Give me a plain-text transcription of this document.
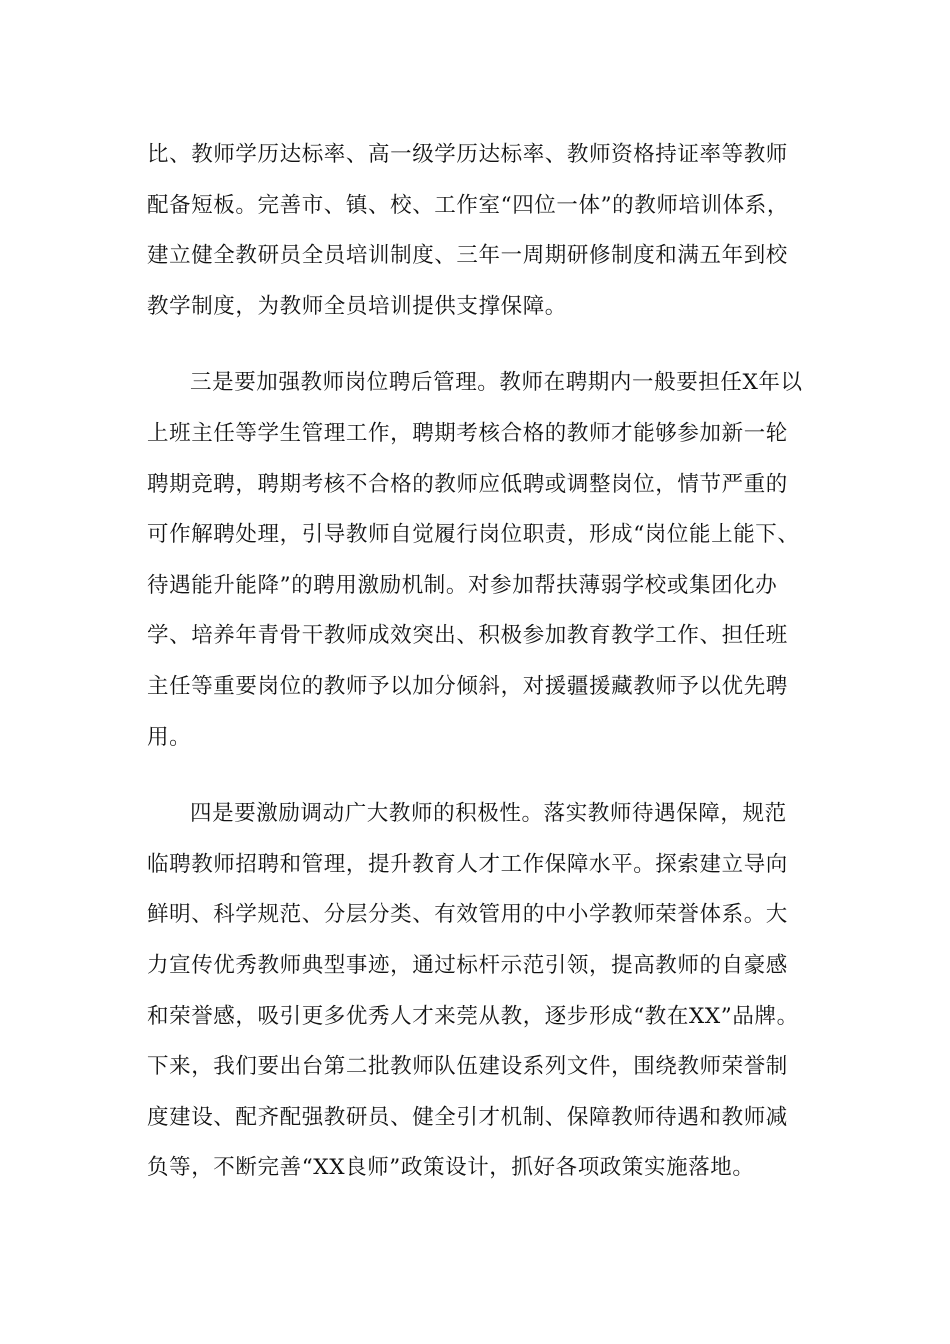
比、教师学历达标率、高一级学历达标率、教师资格持证率等教师
配备短板。完善市、镇、校、工作室“四位一体”的教师培训体系，
建立健全教研员全员培训制度、三年一周期研修制度和满五年到校
教学制度，为教师全员培训提供支撑保障。

三是要加强教师岗位聘后管理。教师在聘期内一般要担任X年以
上班主任等学生管理工作，聘期考核合格的教师才能够参加新一轮
聘期竞聘，聘期考核不合格的教师应低聘或调整岗位，情节严重的
可作解聘处理，引导教师自觉履行岗位职责，形成“岗位能上能下、
待遇能升能降”的聘用激励机制。对参加帮扶薄弱学校或集团化办
学、培养年青骨干教师成效突出、积极参加教育教学工作、担任班
主任等重要岗位的教师予以加分倾斜，对援疆援藏教师予以优先聘
用。

四是要激励调动广大教师的积极性。落实教师待遇保障，规范
临聘教师招聘和管理，提升教育人才工作保障水平。探索建立导向
鲜明、科学规范、分层分类、有效管用的中小学教师荣誉体系。大
力宣传优秀教师典型事迹，通过标杆示范引领，提高教师的自豪感
和荣誉感，吸引更多优秀人才来莞从教，逐步形成“教在XX”品牌。
下来，我们要出台第二批教师队伍建设系列文件，围绕教师荣誉制
度建设、配齐配强教研员、健全引才机制、保障教师待遇和教师减
负等，不断完善“XX良师”政策设计，抓好各项政策实施落地。
